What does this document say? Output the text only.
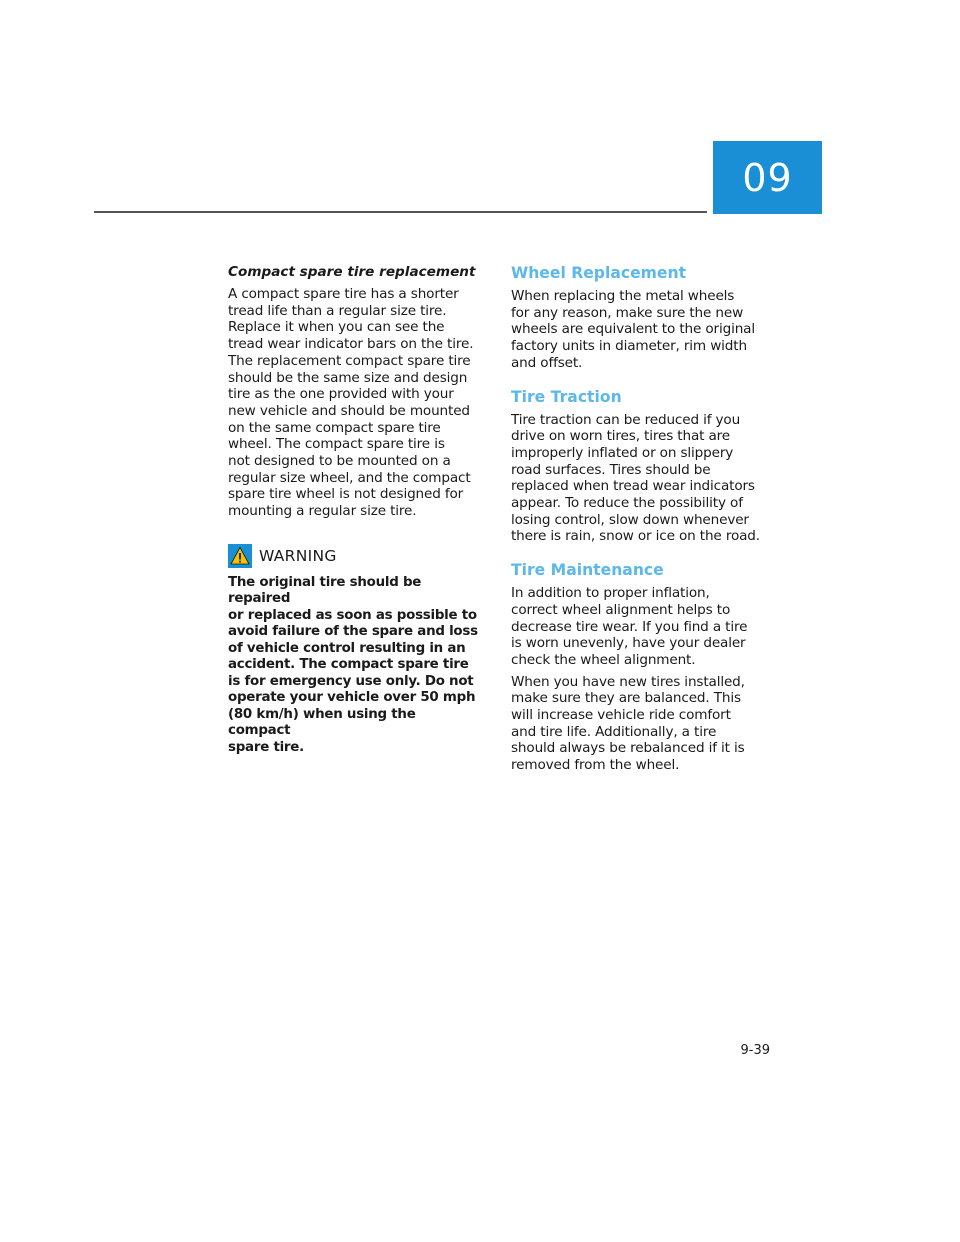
09
Compact spare tire replacement
A compact spare tire has a shorter
tread life than a regular size tire.
Replace it when you can see the
tread wear indicator bars on the tire.
The replacement compact spare tire
should be the same size and design
tire as the one provided with your
new vehicle and should be mounted
on the same compact spare tire
wheel. The compact spare tire is
not designed to be mounted on a
regular size wheel, and the compact
spare tire wheel is not designed for
mounting a regular size tire.
WARNING
The original tire should be repaired
or replaced as soon as possible to
avoid failure of the spare and loss
of vehicle control resulting in an
accident. The compact spare tire
is for emergency use only. Do not
operate your vehicle over 50 mph
(80 km/h) when using the compact
spare tire.
Wheel Replacement
When replacing the metal wheels
for any reason, make sure the new
wheels are equivalent to the original
factory units in diameter, rim width
and offset.
Tire Traction
Tire traction can be reduced if you
drive on worn tires, tires that are
improperly inflated or on slippery
road surfaces. Tires should be
replaced when tread wear indicators
appear. To reduce the possibility of
losing control, slow down whenever
there is rain, snow or ice on the road.
Tire Maintenance
In addition to proper inflation,
correct wheel alignment helps to
decrease tire wear. If you find a tire
is worn unevenly, have your dealer
check the wheel alignment.
When you have new tires installed,
make sure they are balanced. This
will increase vehicle ride comfort
and tire life. Additionally, a tire
should always be rebalanced if it is
removed from the wheel.
9-39
